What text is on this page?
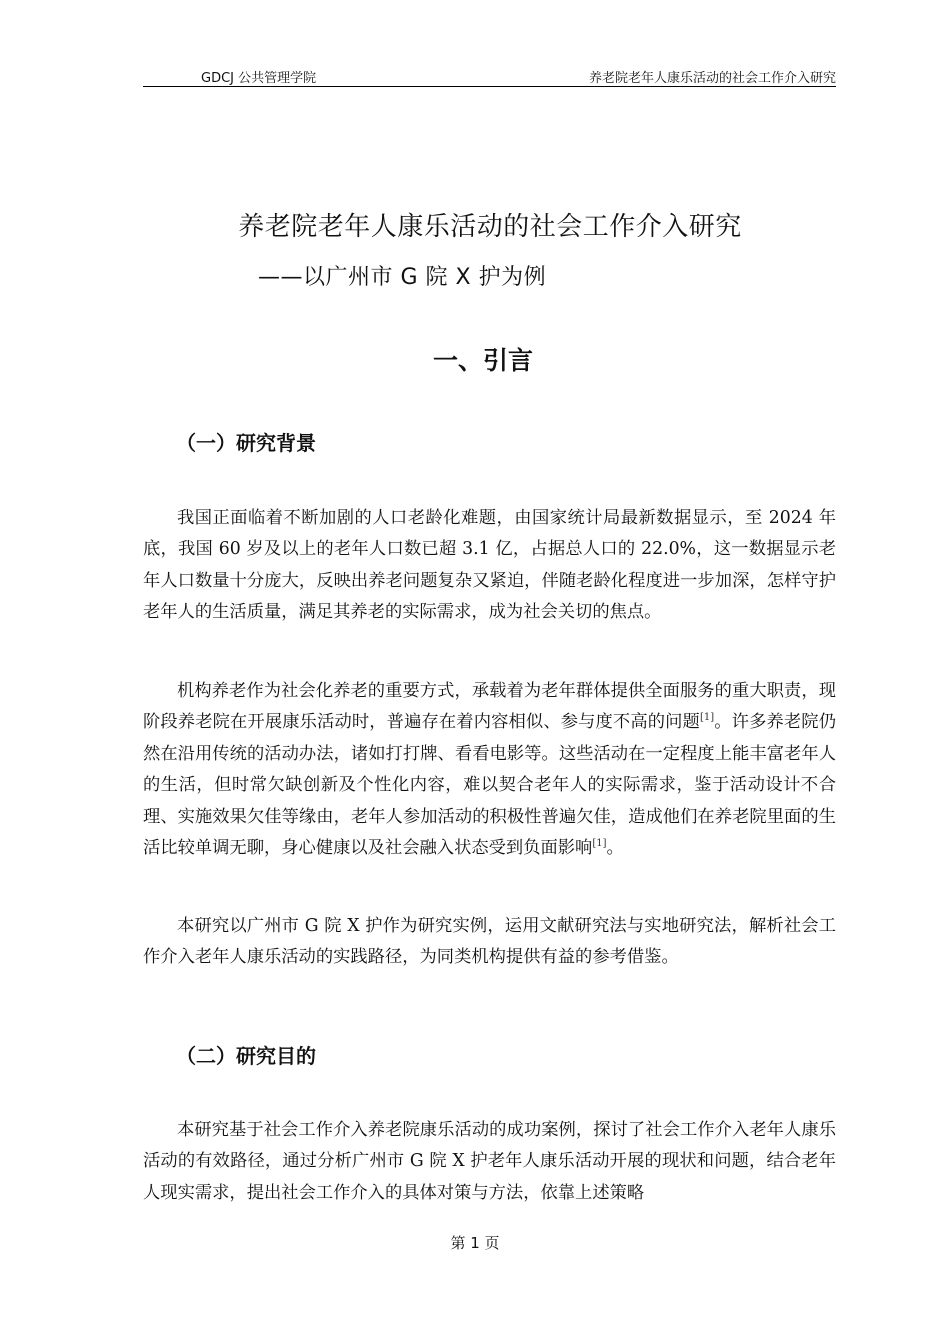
GDCJ 公共管理学院	养老院老年人康乐活动的社会工作介入研究
养老院老年人康乐活动的社会工作介入研究
——以广州市 G 院 X 护为例
一、引言
（一）研究背景

我国正面临着不断加剧的人口老龄化难题，由国家统计局最新数据显示，至 2024 年底，我国 60 岁及以上的老年人口数已超 3.1 亿，占据总人口的 22.0%，这一数据显示老年人口数量十分庞大，反映出养老问题复杂又紧迫，伴随老龄化程度进一步加深，怎样守护老年人的生活质量，满足其养老的实际需求，成为社会关切的焦点。

机构养老作为社会化养老的重要方式，承载着为老年群体提供全面服务的重大职责，现阶段养老院在开展康乐活动时，普遍存在着内容相似、参与度不高的问题[1]。许多养老院仍然在沿用传统的活动办法，诸如打打牌、看看电影等。这些活动在一定程度上能丰富老年人的生活，但时常欠缺创新及个性化内容，难以契合老年人的实际需求，鉴于活动设计不合理、实施效果欠佳等缘由，老年人参加活动的积极性普遍欠佳，造成他们在养老院里面的生活比较单调无聊，身心健康以及社会融入状态受到负面影响[1]。

本研究以广州市 G 院 X 护作为研究实例，运用文献研究法与实地研究法，解析社会工作介入老年人康乐活动的实践路径，为同类机构提供有益的参考借鉴。

（二）研究目的

本研究基于社会工作介入养老院康乐活动的成功案例，探讨了社会工作介入老年人康乐活动的有效路径，通过分析广州市 G 院 X 护老年人康乐活动开展的现状和问题，结合老年人现实需求，提出社会工作介入的具体对策与方法，依靠上述策略

第 1 页
